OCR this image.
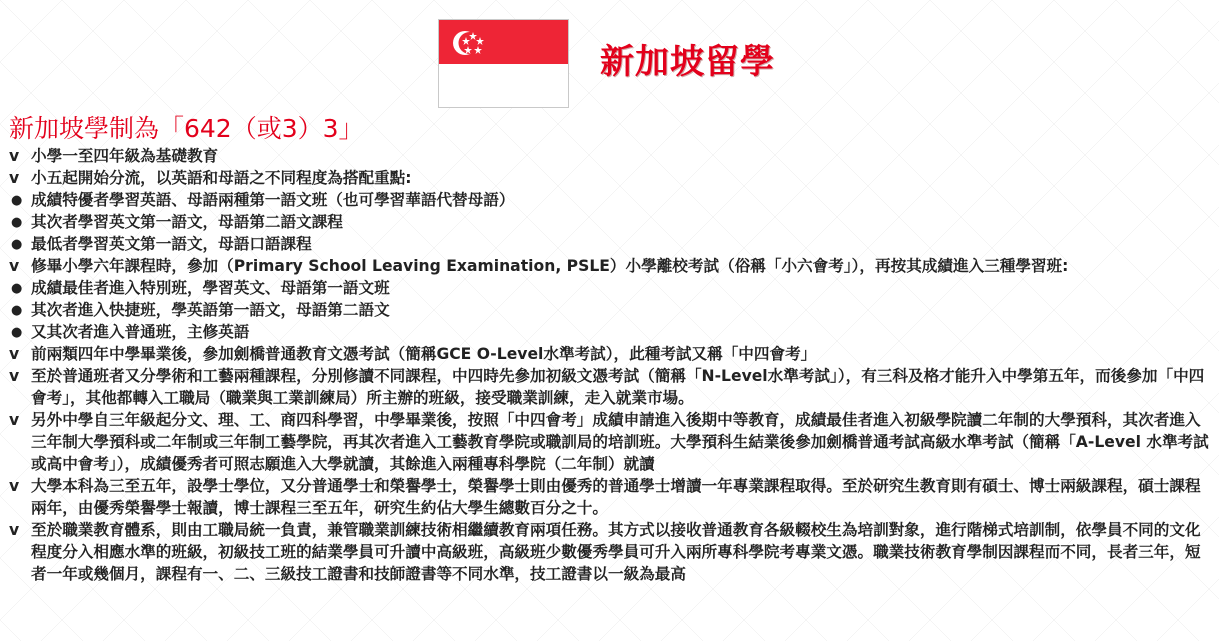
新加坡留學
新加坡學制為「642（或3）3」
v 小學一至四年級為基礎教育
v 小五起開始分流，以英語和母語之不同程度為搭配重點:
● 成績特優者學習英語、母語兩種第一語文班（也可學習華語代替母語）
● 其次者學習英文第一語文，母語第二語文課程
● 最低者學習英文第一語文，母語口語課程
v 修畢小學六年課程時，參加（Primary School Leaving Examination, PSLE）小學離校考試（俗稱「小六會考」），再按其成績進入三種學習班:
● 成績最佳者進入特別班，學習英文、母語第一語文班
● 其次者進入快捷班，學英語第一語文，母語第二語文
● 又其次者進入普通班，主修英語
v 前兩類四年中學畢業後，參加劍橋普通教育文憑考試（簡稱GCE O-Level水準考試），此種考試又稱「中四會考」
v 至於普通班者又分學術和工藝兩種課程，分別修讀不同課程，中四時先參加初級文憑考試（簡稱「N-Level水準考試」），有三科及格才能升入中學第五年，而後參加「中四會考」，其他都轉入工職局（職業與工業訓練局）所主辦的班級，接受職業訓練，走入就業市場。
v 另外中學自三年級起分文、理、工、商四科學習，中學畢業後，按照「中四會考」成績申請進入後期中等教育，成績最佳者進入初級學院讀二年制的大學預科，其次者進入三年制大學預科或二年制或三年制工藝學院，再其次者進入工藝教育學院或職訓局的培訓班。大學預科生結業後參加劍橋普通考試高級水準考試（簡稱「A-Level 水準考試或高中會考」），成績優秀者可照志願進入大學就讀，其餘進入兩種專科學院（二年制）就讀
v 大學本科為三至五年，設學士學位，又分普通學士和榮譽學士，榮譽學士則由優秀的普通學士增讀一年專業課程取得。至於研究生教育則有碩士、博士兩級課程，碩士課程兩年，由優秀榮譽學士報讀，博士課程三至五年，研究生約佔大學生總數百分之十。
v 至於職業教育體系，則由工職局統一負責，兼管職業訓練技術相繼續教育兩項任務。其方式以接收普通教育各級輟校生為培訓對象，進行階梯式培訓制，依學員不同的文化程度分入相應水準的班級，初級技工班的結業學員可升讀中高級班，高級班少數優秀學員可升入兩所專科學院考專業文憑。職業技術教育學制因課程而不同，長者三年，短者一年或幾個月，課程有一、二、三級技工證書和技師證書等不同水準，技工證書以一級為最高
